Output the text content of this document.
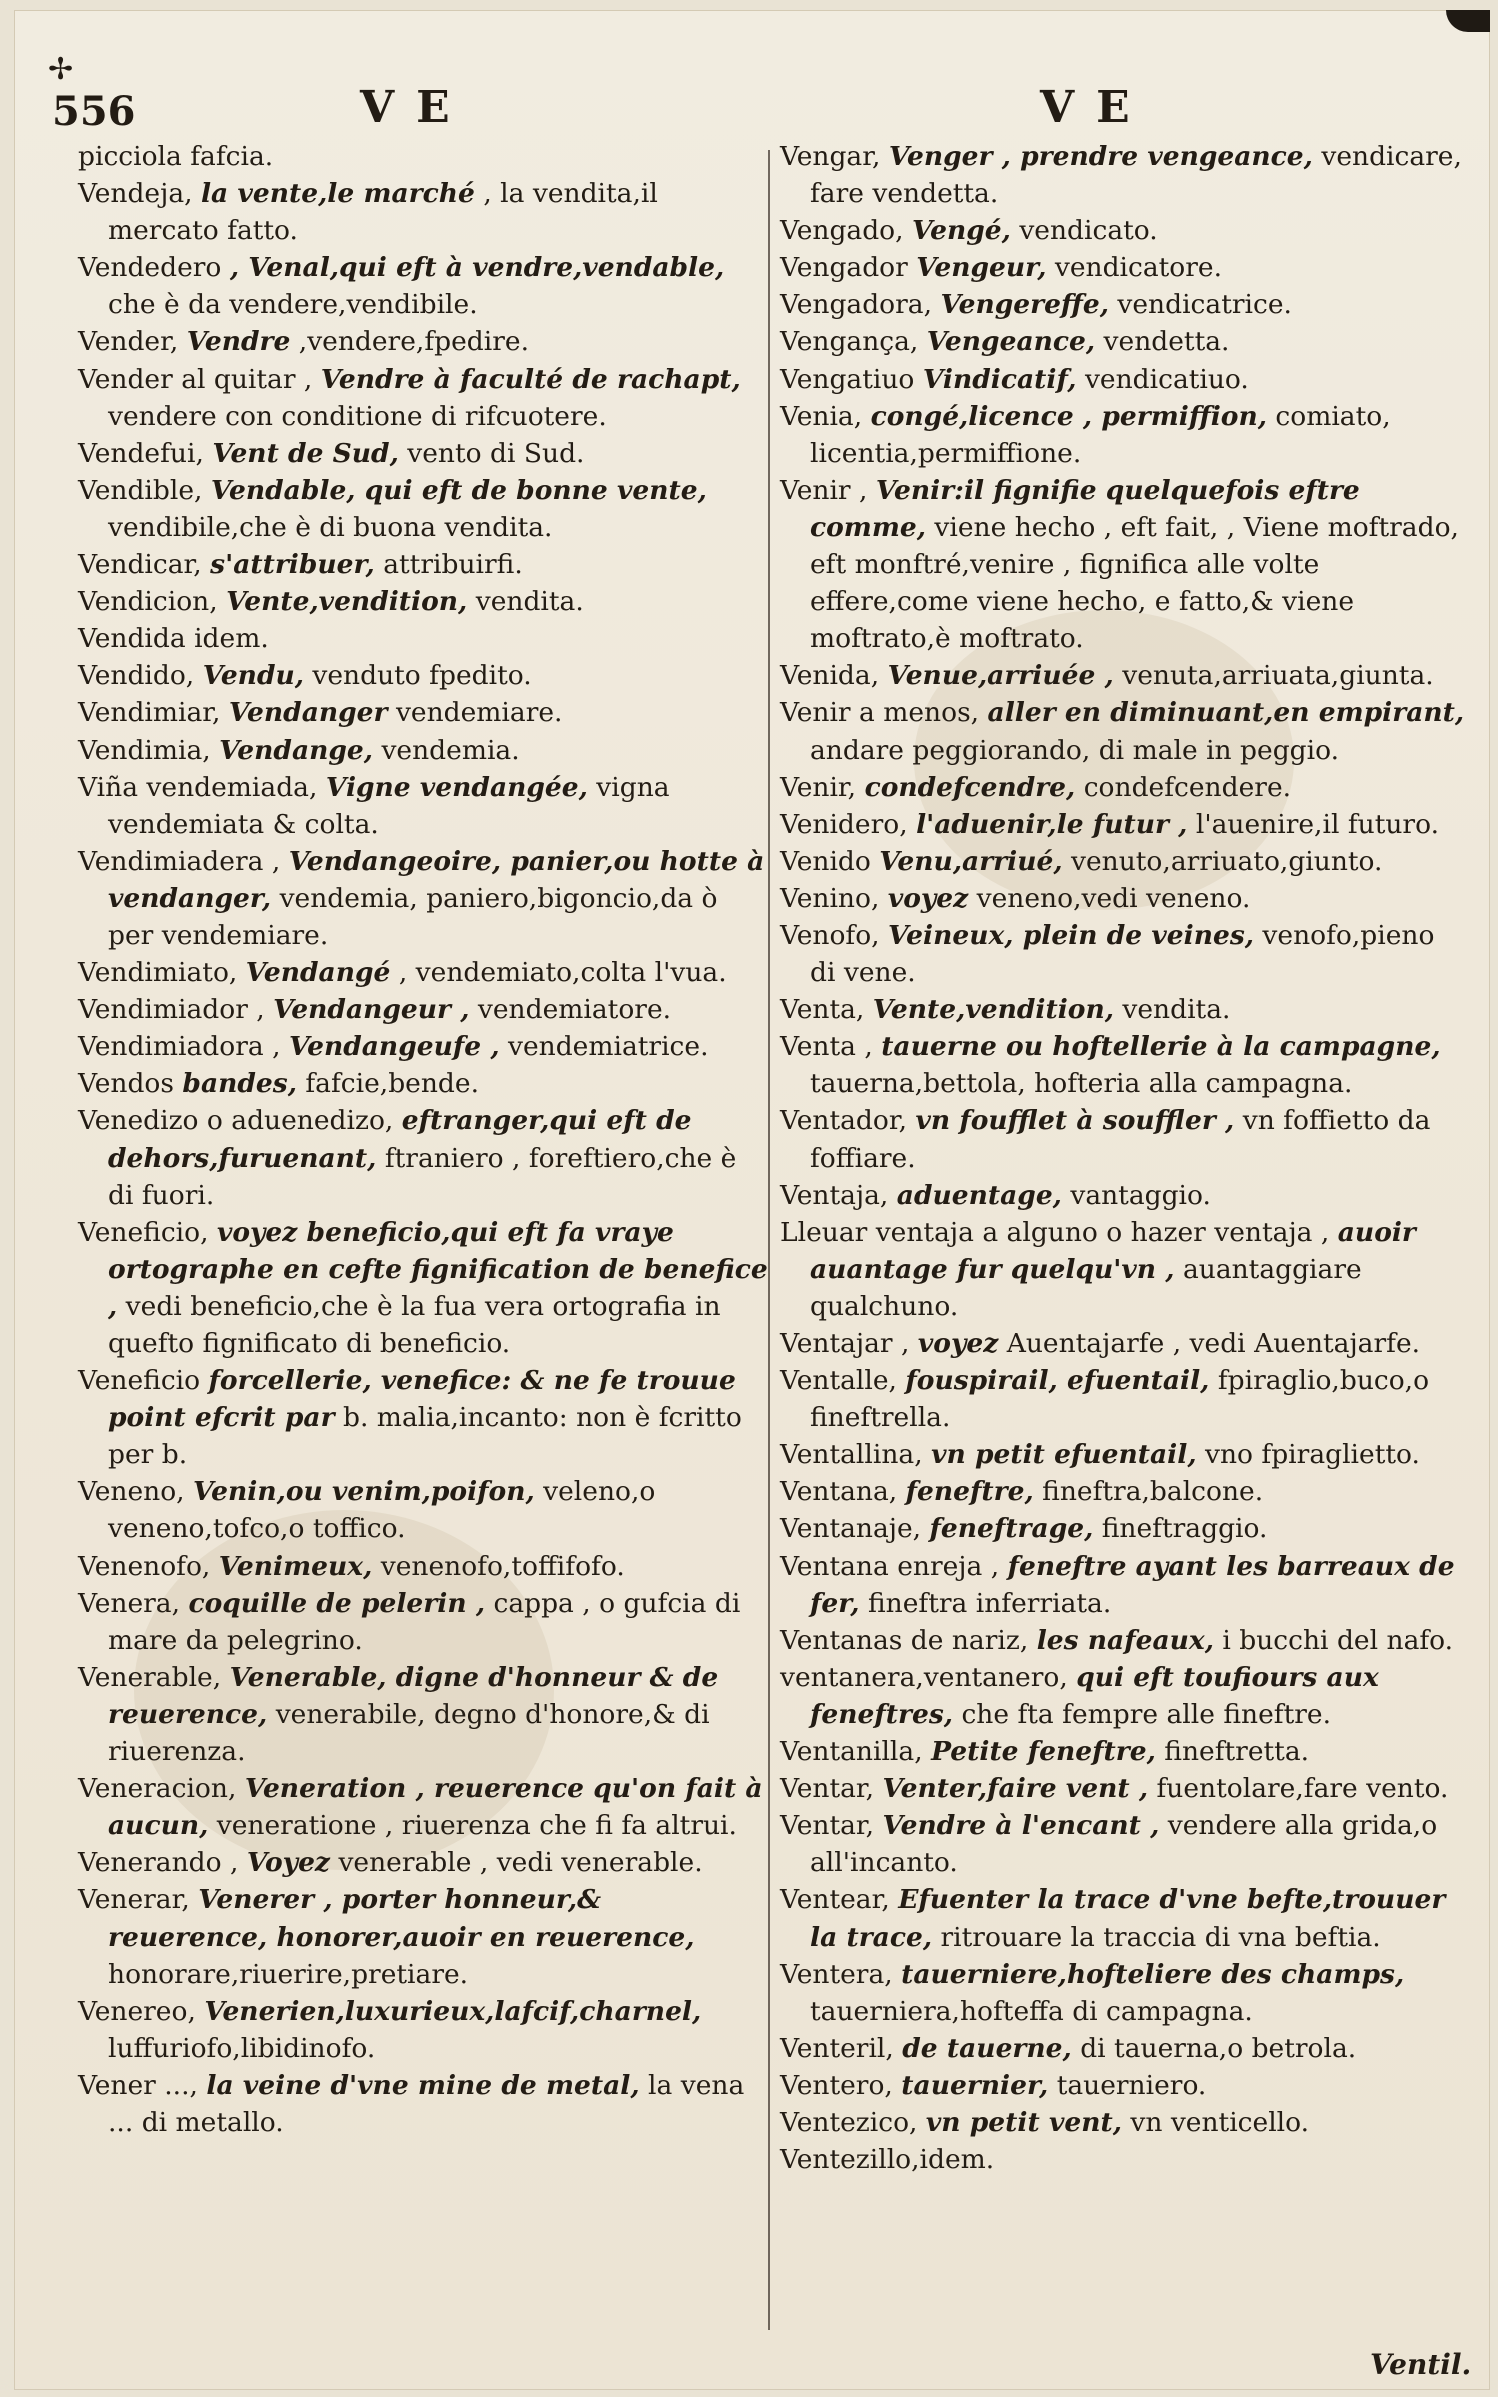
✢
556	VE	VE

picciola fafcia.

Vendeja, la vente,le marché , la vendita,il mercato fatto.

Vendedero , Venal,qui eft à vendre,vendable, che è da vendere,vendibile.

Vender, Vendre ,vendere,fpedire.

Vender al quitar , Vendre à faculté de rachapt, vendere con conditione di rifcuotere.

Vendefui, Vent de Sud, vento di Sud.

Vendible, Vendable, qui eft de bonne vente, vendibile,che è di buona vendita.

Vendicar, s'attribuer, attribuirfi.

Vendicion, Vente,vendition, vendita.

Vendida idem.

Vendido, Vendu, venduto fpedito.

Vendimiar, Vendanger vendemiare.

Vendimia, Vendange, vendemia.

Viña vendemiada, Vigne vendangée, vigna vendemiata & colta.

Vendimiadera , Vendangeoire, panier,ou hotte à vendanger, vendemia, paniero,bigoncio,da ò per vendemiare.

Vendimiato, Vendangé , vendemiato,colta l'vua.

Vendimiador , Vendangeur , vendemiatore.

Vendimiadora , Vendangeufe , vendemiatrice.

Vendos bandes, fafcie,bende.

Venedizo o aduenedizo, eftranger,qui eft de dehors,furuenant, ftraniero , foreftiero,che è di fuori.

Veneficio, voyez beneficio,qui eft fa vraye ortographe en cefte fignification de benefice , vedi beneficio,che è la fua vera ortografia in quefto fignificato di beneficio.

Veneficio forcellerie, venefice: & ne fe trouue point efcrit par b. malia,incanto: non è fcritto per b.

Veneno, Venin,ou venim,poifon, veleno,o veneno,tofco,o toffico.

Venenofo, Venimeux, venenofo,toffifofo.

Venera, coquille de pelerin , cappa , o gufcia di mare da pelegrino.

Venerable, Venerable, digne d'honneur & de reuerence, venerabile, degno d'honore,& di riuerenza.

Veneracion, Veneration , reuerence qu'on fait à aucun, veneratione , riuerenza che fi fa altrui.

Venerando , Voyez venerable , vedi venerable.

Venerar, Venerer , porter honneur,& reuerence, honorer,auoir en reuerence, honorare,riuerire,pretiare.

Venereo, Venerien,luxurieux,lafcif,charnel, luffuriofo,libidinofo.

Vener ..., la veine d'vne mine de metal, la vena ... di metallo.

Vengar, Venger , prendre vengeance, vendicare, fare vendetta.

Vengado, Vengé, vendicato.

Vengador Vengeur, vendicatore.

Vengadora, Vengereffe, vendicatrice.

Vengança, Vengeance, vendetta.

Vengatiuo Vindicatif, vendicatiuo.

Venia, congé,licence , permiffion, comiato, licentia,permiffione.

Venir , Venir:il fignifie quelquefois eftre comme, viene hecho , eft fait, , Viene moftrado, eft monftré,venire , fignifica alle volte effere,come viene hecho, e fatto,& viene moftrato,è moftrato.

Venida, Venue,arriuée , venuta,arriuata,giunta.

Venir a menos, aller en diminuant,en empirant, andare peggiorando, di male in peggio.

Venir, condefcendre, condefcendere.

Venidero, l'aduenir,le futur , l'auenire,il futuro.

Venido Venu,arriué, venuto,arriuato,giunto.

Venino, voyez veneno,vedi veneno.

Venofo, Veineux, plein de veines, venofo,pieno di vene.

Venta, Vente,vendition, vendita.

Venta , tauerne ou hoftellerie à la campagne, tauerna,bettola, hofteria alla campagna.

Ventador, vn foufflet à souffler , vn foffietto da foffiare.

Ventaja, aduentage, vantaggio.

Lleuar ventaja a alguno o hazer ventaja , auoir auantage fur quelqu'vn , auantaggiare qualchuno.

Ventajar , voyez Auentajarfe , vedi Auentajarfe.

Ventalle, fouspirail, efuentail, fpiraglio,buco,o fineftrella.

Ventallina, vn petit efuentail, vno fpiraglietto.

Ventana, feneftre, fineftra,balcone.

Ventanaje, feneftrage, fineftraggio.

Ventana enreja , feneftre ayant les barreaux de fer, fineftra inferriata.

Ventanas de nariz, les nafeaux, i bucchi del nafo.

ventanera,ventanero, qui eft toufiours aux feneftres, che fta fempre alle fineftre.

Ventanilla, Petite feneftre, fineftretta.

Ventar, Venter,faire vent , fuentolare,fare vento.

Ventar, Vendre à l'encant , vendere alla grida,o all'incanto.

Ventear, Efuenter la trace d'vne befte,trouuer la trace, ritrouare la traccia di vna beftia.

Ventera, tauerniere,hofteliere des champs, tauerniera,hofteffa di campagna.

Venteril, de tauerne, di tauerna,o betrola.

Ventero, tauernier, tauerniero.

Ventezico, vn petit vent, vn venticello.

Ventezillo,idem.

Ventil.
